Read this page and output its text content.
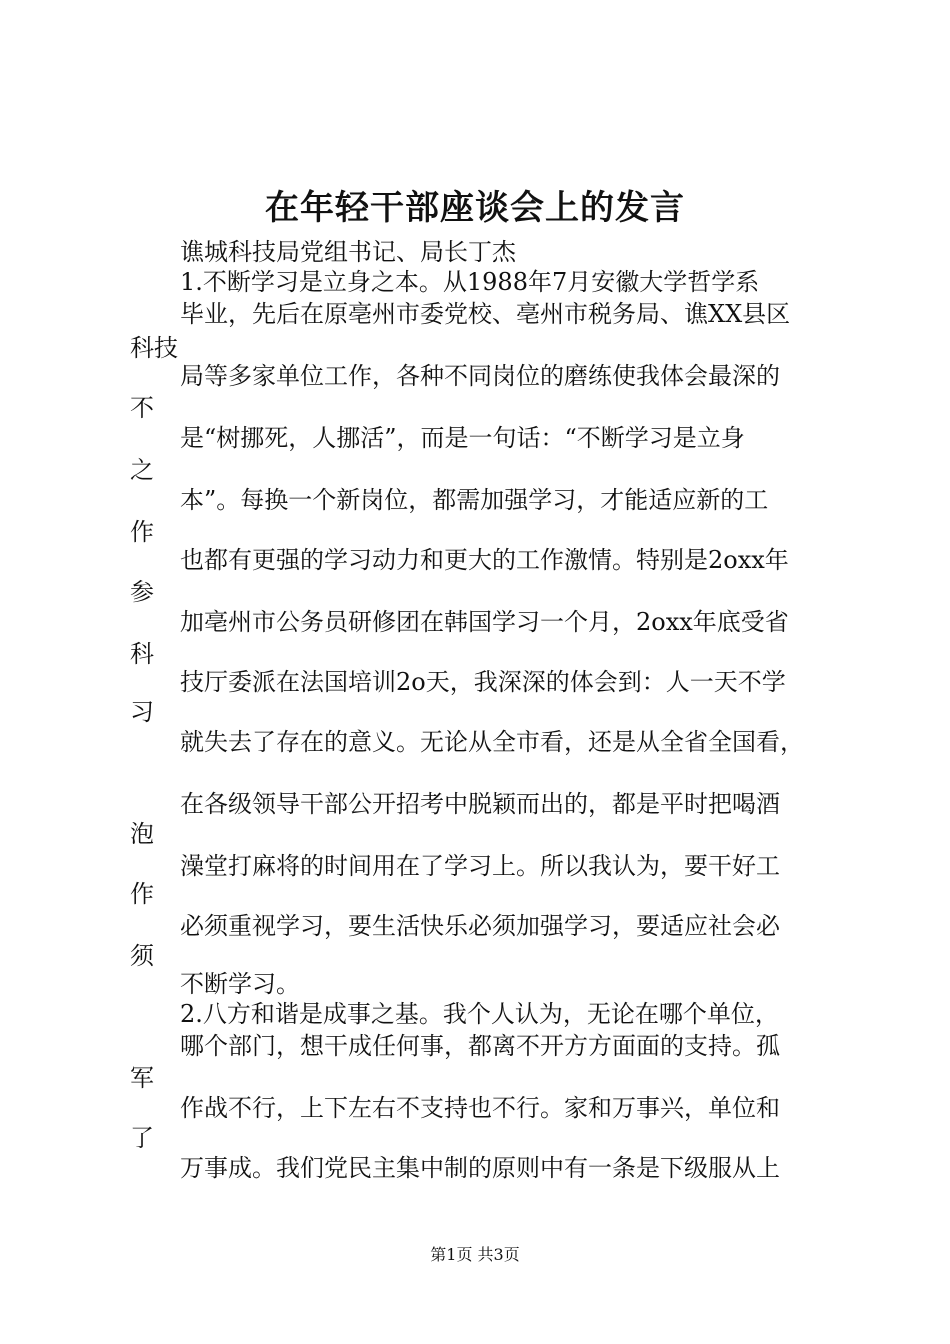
在年轻干部座谈会上的发言
谯城科技局党组书记、局长丁杰
1.不断学习是立身之本。从1988年7月安徽大学哲学系
毕业，先后在原亳州市委党校、亳州市税务局、谯XX县区
科技
局等多家单位工作，各种不同岗位的磨练使我体会最深的
不
是“树挪死，人挪活”，而是一句话：“不断学习是立身
之
本”。每换一个新岗位，都需加强学习，才能适应新的工
作
也都有更强的学习动力和更大的工作激情。特别是2oxx年
参
加亳州市公务员研修团在韩国学习一个月，2oxx年底受省
科
技厅委派在法国培训2o天，我深深的体会到：人一天不学
习
就失去了存在的意义。无论从全市看，还是从全省全国看，
在各级领导干部公开招考中脱颖而出的，都是平时把喝酒
泡
澡堂打麻将的时间用在了学习上。所以我认为，要干好工
作
必须重视学习，要生活快乐必须加强学习，要适应社会必
须
不断学习。
2.八方和谐是成事之基。我个人认为，无论在哪个单位，
哪个部门，想干成任何事，都离不开方方面面的支持。孤
军
作战不行，上下左右不支持也不行。家和万事兴，单位和
了
万事成。我们党民主集中制的原则中有一条是下级服从上
第1页 共3页
